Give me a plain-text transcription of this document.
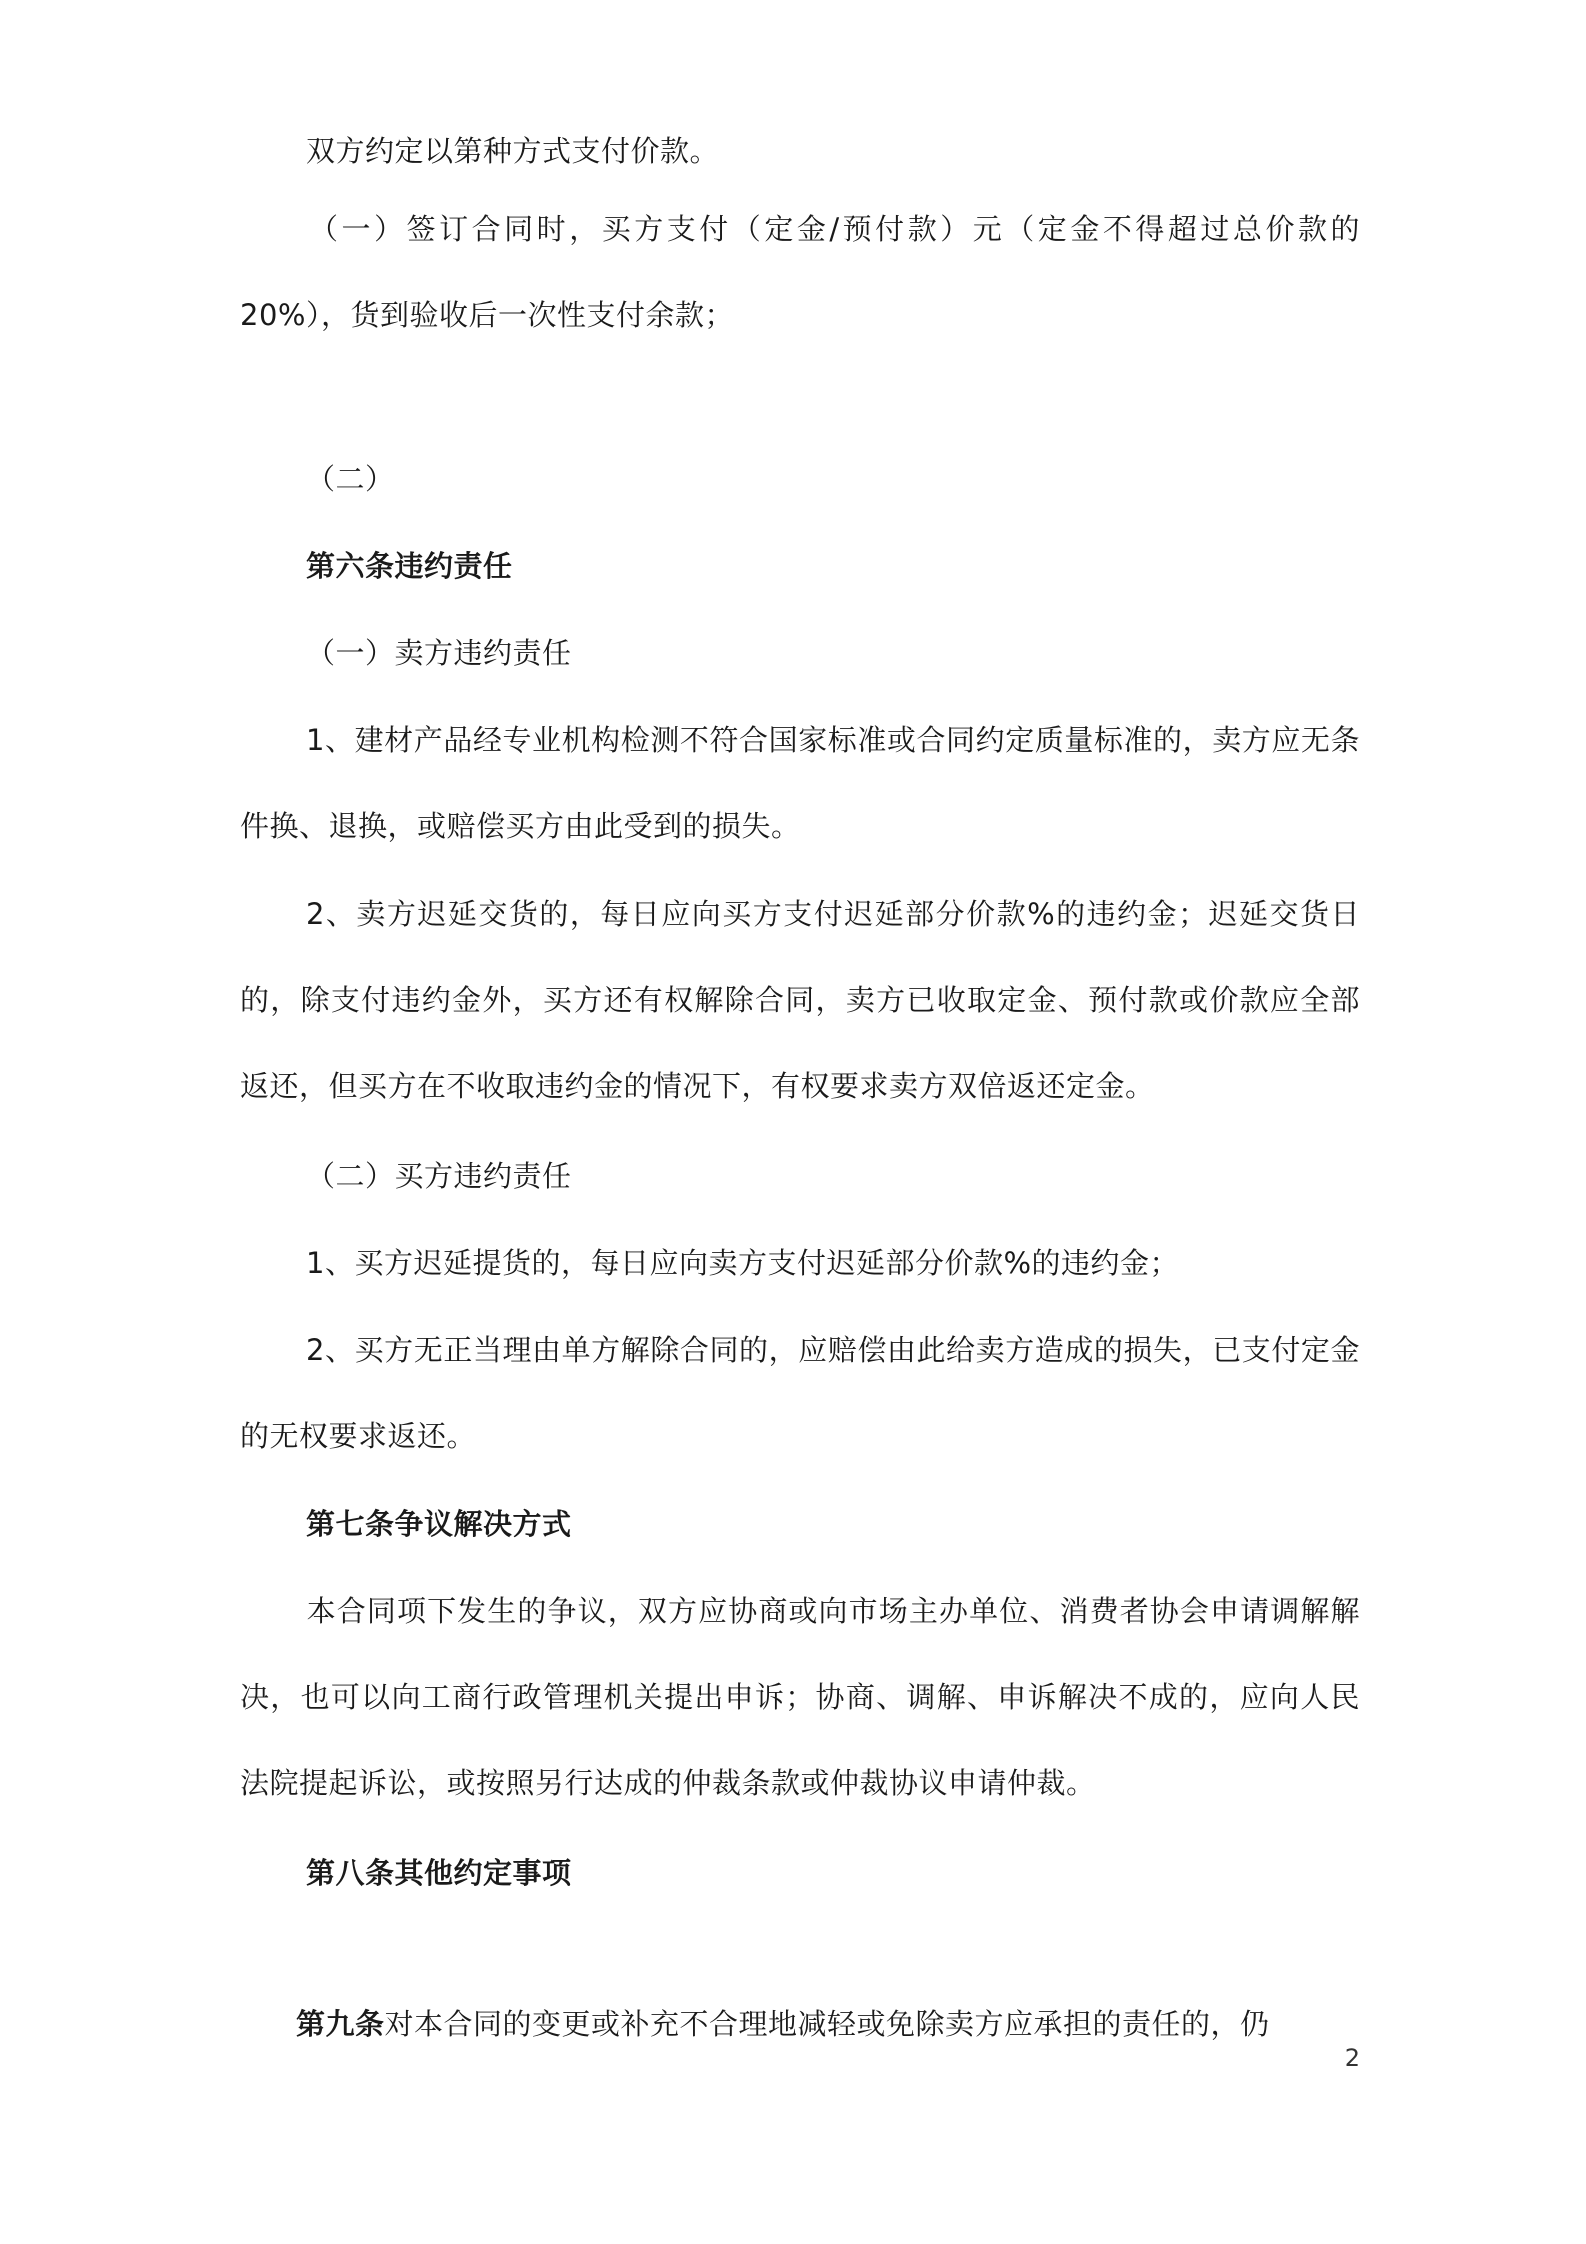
双方约定以第种方式支付价款。

（一）签订合同时，买方支付（定金/预付款）元（定金不得超过总价款的20%），货到验收后一次性支付余款；

（二）

第六条违约责任

（一）卖方违约责任

1、建材产品经专业机构检测不符合国家标准或合同约定质量标准的，卖方应无条件换、退换，或赔偿买方由此受到的损失。

2、卖方迟延交货的，每日应向买方支付迟延部分价款%的违约金；迟延交货日的，除支付违约金外，买方还有权解除合同，卖方已收取定金、预付款或价款应全部返还，但买方在不收取违约金的情况下，有权要求卖方双倍返还定金。

（二）买方违约责任

1、买方迟延提货的，每日应向卖方支付迟延部分价款%的违约金；

2、买方无正当理由单方解除合同的，应赔偿由此给卖方造成的损失，已支付定金的无权要求返还。

第七条争议解决方式

本合同项下发生的争议，双方应协商或向市场主办单位、消费者协会申请调解解决，也可以向工商行政管理机关提出申诉；协商、调解、申诉解决不成的，应向人民法院提起诉讼，或按照另行达成的仲裁条款或仲裁协议申请仲裁。

第八条其他约定事项

第九条对本合同的变更或补充不合理地减轻或免除卖方应承担的责任的，仍

2
